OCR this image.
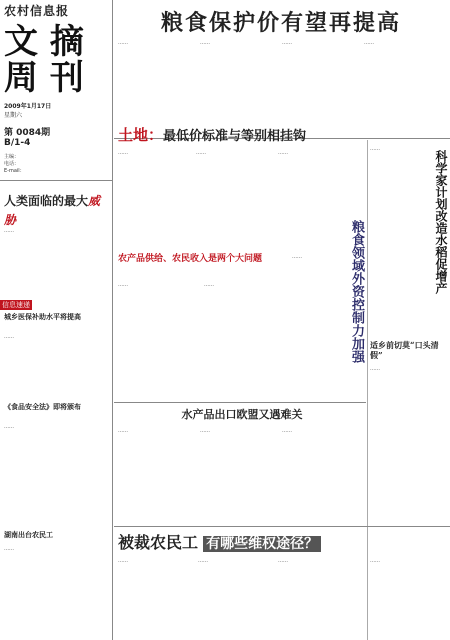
农村信息报
文 摘
周 刊
2009年1月17日
星期六
第 0084期
B/1-4
主编：
电话：
E-mail：
人类面临的最大威胁
……
信息速递
城乡医保补助水平将提高
……
《食品安全法》即将颁布
……
湖南出台农民工
……
粮食保护价有望再提高
……	……	……	……
土地：最低价标准与等别相挂钩
……	……	……
……
科学家计划改造水稻促增产
农产品供给、农民收入是两个大问题
……	……
……	粮食领域外资控制力加强 适乡前切莫“口头清假”
……
水产品出口欧盟又遇难关
……	……	……
被裁农民工 有哪些维权途径？
……	……	……	……
